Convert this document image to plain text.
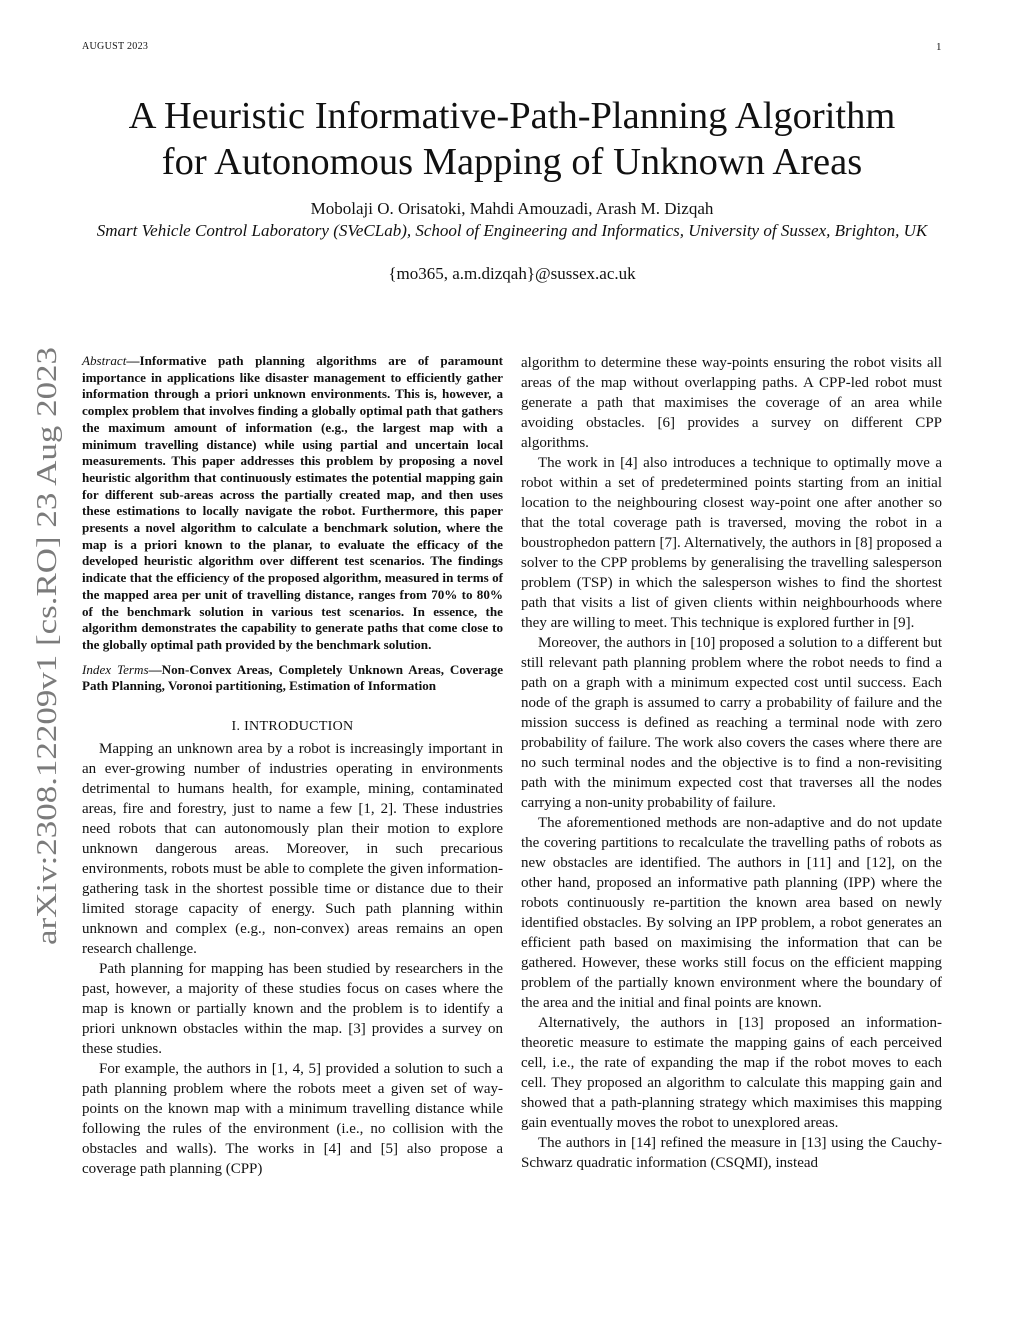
AUGUST 2023	1
arXiv:2308.12209v1 [cs.RO] 23 Aug 2023
A Heuristic Informative-Path-Planning Algorithm
for Autonomous Mapping of Unknown Areas
Mobolaji O. Orisatoki, Mahdi Amouzadi, Arash M. Dizqah
Smart Vehicle Control Laboratory (SVeCLab), School of Engineering and Informatics, University of Sussex, Brighton, UK
{mo365, a.m.dizqah}@sussex.ac.uk
Abstract—Informative path planning algorithms are of paramount importance in applications like disaster management to efficiently gather information through a priori unknown environments. This is, however, a complex problem that involves finding a globally optimal path that gathers the maximum amount of information (e.g., the largest map with a minimum travelling distance) while using partial and uncertain local measurements. This paper addresses this problem by proposing a novel heuristic algorithm that continuously estimates the potential mapping gain for different sub-areas across the partially created map, and then uses these estimations to locally navigate the robot. Furthermore, this paper presents a novel algorithm to calculate a benchmark solution, where the map is a priori known to the planar, to evaluate the efficacy of the developed heuristic algorithm over different test scenarios. The findings indicate that the efficiency of the proposed algorithm, measured in terms of the mapped area per unit of travelling distance, ranges from 70% to 80% of the benchmark solution in various test scenarios. In essence, the algorithm demonstrates the capability to generate paths that come close to the globally optimal path provided by the benchmark solution.
Index Terms—Non-Convex Areas, Completely Unknown Areas, Coverage Path Planning, Voronoi partitioning, Estimation of Information
I. INTRODUCTION

Mapping an unknown area by a robot is increasingly important in an ever-growing number of industries operating in environments detrimental to humans health, for example, mining, contaminated areas, fire and forestry, just to name a few [1, 2]. These industries need robots that can autonomously plan their motion to explore unknown dangerous areas. Moreover, in such precarious environments, robots must be able to complete the given information-gathering task in the shortest possible time or distance due to their limited storage capacity of energy. Such path planning within unknown and complex (e.g., non-convex) areas remains an open research challenge.

Path planning for mapping has been studied by researchers in the past, however, a majority of these studies focus on cases where the map is known or partially known and the problem is to identify a priori unknown obstacles within the map. [3] provides a survey on these studies.

For example, the authors in [1, 4, 5] provided a solution to such a path planning problem where the robots meet a given set of way-points on the known map with a minimum travelling distance while following the rules of the environment (i.e., no collision with the obstacles and walls). The works in [4] and [5] also propose a coverage path planning (CPP)

algorithm to determine these way-points ensuring the robot visits all areas of the map without overlapping paths. A CPP-led robot must generate a path that maximises the coverage of an area while avoiding obstacles. [6] provides a survey on different CPP algorithms.

The work in [4] also introduces a technique to optimally move a robot within a set of predetermined points starting from an initial location to the neighbouring closest way-point one after another so that the total coverage path is traversed, moving the robot in a boustrophedon pattern [7]. Alternatively, the authors in [8] proposed a solver to the CPP problems by generalising the travelling salesperson problem (TSP) in which the salesperson wishes to find the shortest path that visits a list of given clients within neighbourhoods where they are willing to meet. This technique is explored further in [9].

Moreover, the authors in [10] proposed a solution to a different but still relevant path planning problem where the robot needs to find a path on a graph with a minimum expected cost until success. Each node of the graph is assumed to carry a probability of failure and the mission success is defined as reaching a terminal node with zero probability of failure. The work also covers the cases where there are no such terminal nodes and the objective is to find a non-revisiting path with the minimum expected cost that traverses all the nodes carrying a non-unity probability of failure.

The aforementioned methods are non-adaptive and do not update the covering partitions to recalculate the travelling paths of robots as new obstacles are identified. The authors in [11] and [12], on the other hand, proposed an informative path planning (IPP) where the robots continuously re-partition the known area based on newly identified obstacles. By solving an IPP problem, a robot generates an efficient path based on maximising the information that can be gathered. However, these works still focus on the efficient mapping problem of the partially known environment where the boundary of the area and the initial and final points are known.

Alternatively, the authors in [13] proposed an information-theoretic measure to estimate the mapping gains of each perceived cell, i.e., the rate of expanding the map if the robot moves to each cell. They proposed an algorithm to calculate this mapping gain and showed that a path-planning strategy which maximises this mapping gain eventually moves the robot to unexplored areas.

The authors in [14] refined the measure in [13] using the Cauchy-Schwarz quadratic information (CSQMI), instead
